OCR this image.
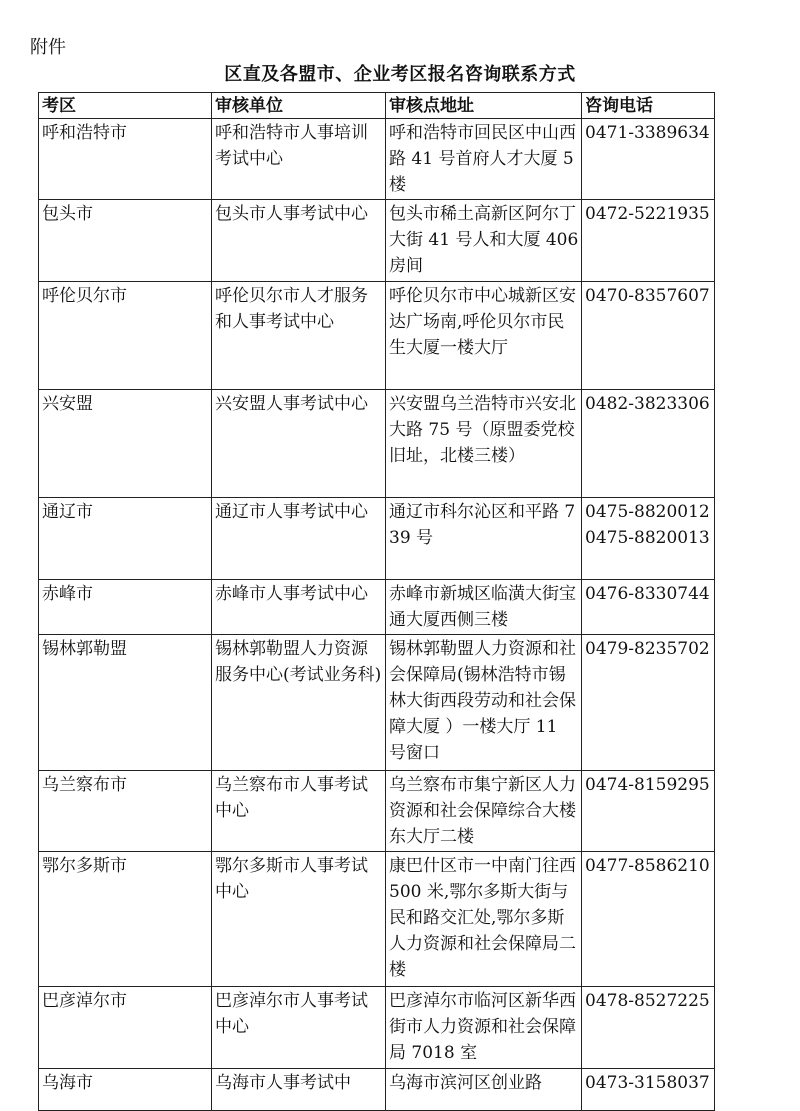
附件
区直及各盟市、企业考区报名咨询联系方式
考区	审核单位	审核点地址	咨询电话
呼和浩特市	呼和浩特市人事培训考试中心	呼和浩特市回民区中山西路 41 号首府人才大厦 5 楼	0471-3389634

包头市	包头市人事考试中心	包头市稀土高新区阿尔丁大街 41 号人和大厦 406 房间	0472-5221935

呼伦贝尔市	呼伦贝尔市人才服务和人事考试中心	呼伦贝尔市中心城新区安达广场南,呼伦贝尔市民生大厦一楼大厅	0470-8357607

兴安盟	兴安盟人事考试中心	兴安盟乌兰浩特市兴安北大路 75 号（原盟委党校旧址，北楼三楼）	0482-3823306

通辽市	通辽市人事考试中心	通辽市科尔沁区和平路 739 号	0475-8820012
0475-8820013

赤峰市	赤峰市人事考试中心	赤峰市新城区临潢大街宝通大厦西侧三楼	0476-8330744

锡林郭勒盟	锡林郭勒盟人力资源服务中心(考试业务科)	锡林郭勒盟人力资源和社会保障局(锡林浩特市锡林大街西段劳动和社会保障大厦 ）一楼大厅 11 号窗口	0479-8235702

乌兰察布市	乌兰察布市人事考试中心	乌兰察布市集宁新区人力资源和社会保障综合大楼东大厅二楼	0474-8159295

鄂尔多斯市	鄂尔多斯市人事考试中心	康巴什区市一中南门往西 500 米,鄂尔多斯大街与民和路交汇处,鄂尔多斯人力资源和社会保障局二楼	0477-8586210

巴彦淖尔市	巴彦淖尔市人事考试中心	巴彦淖尔市临河区新华西街市人力资源和社会保障局 7018 室	0478-8527225

乌海市	乌海市人事考试中	乌海市滨河区创业路	0473-3158037
